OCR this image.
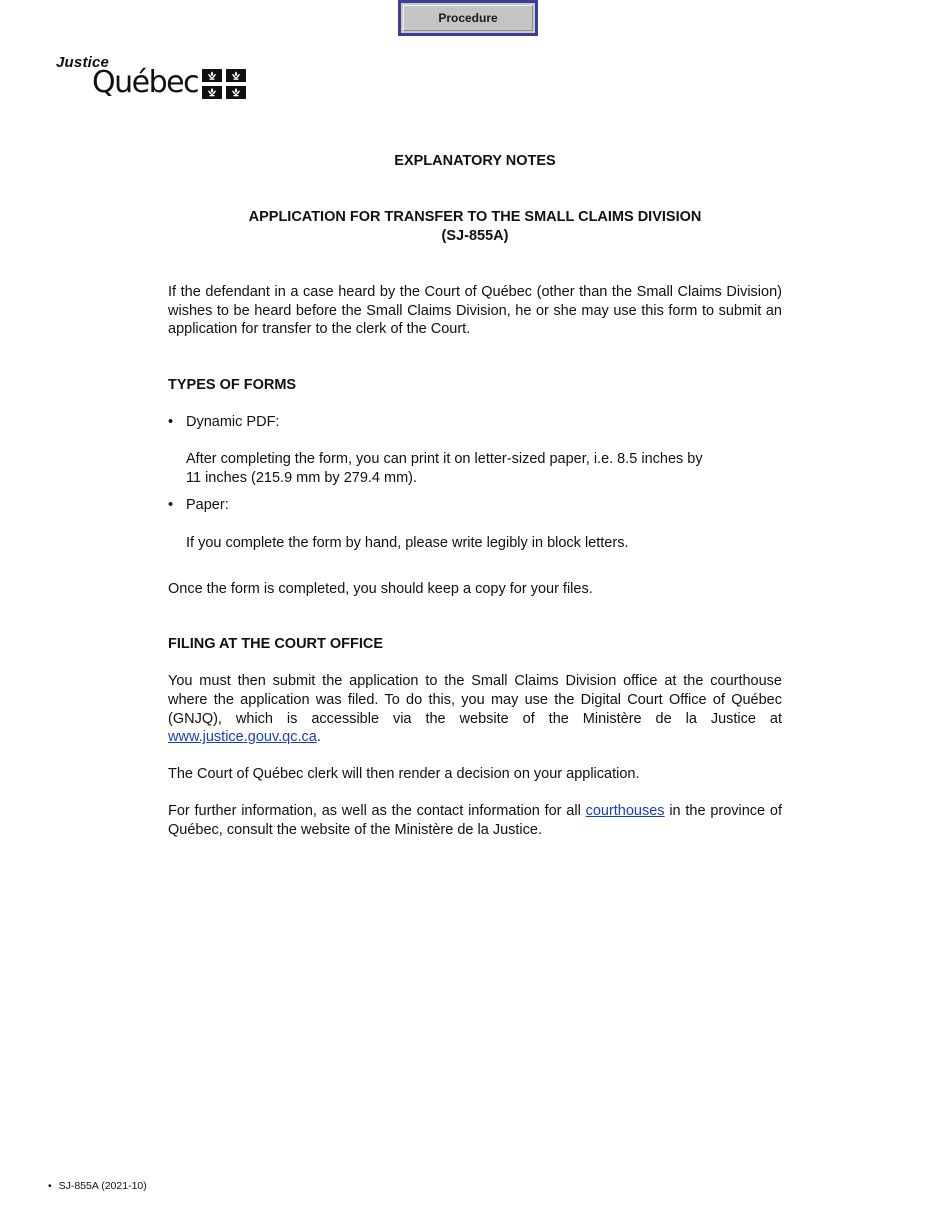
Procedure
Justice
Québec
EXPLANATORY NOTES
APPLICATION FOR TRANSFER TO THE SMALL CLAIMS DIVISION
(SJ-855A)

If the defendant in a case heard by the Court of Québec (other than the Small Claims Division) wishes to be heard before the Small Claims Division, he or she may use this form to submit an application for transfer to the clerk of the Court.

TYPES OF FORMS

• Dynamic PDF:

After completing the form, you can print it on letter-sized paper, i.e. 8.5 inches by

11 inches (215.9 mm by 279.4 mm).

• Paper:

If you complete the form by hand, please write legibly in block letters.

Once the form is completed, you should keep a copy for your files.

FILING AT THE COURT OFFICE

You must then submit the application to the Small Claims Division office at the courthouse where the application was filed. To do this, you may use the Digital Court Office of Québec (GNJQ), which is accessible via the website of the Ministère de la Justice at www.justice.gouv.qc.ca.

The Court of Québec clerk will then render a decision on your application.

For further information, as well as the contact information for all courthouses in the province of Québec, consult the website of the Ministère de la Justice.

• SJ-855A (2021-10)
